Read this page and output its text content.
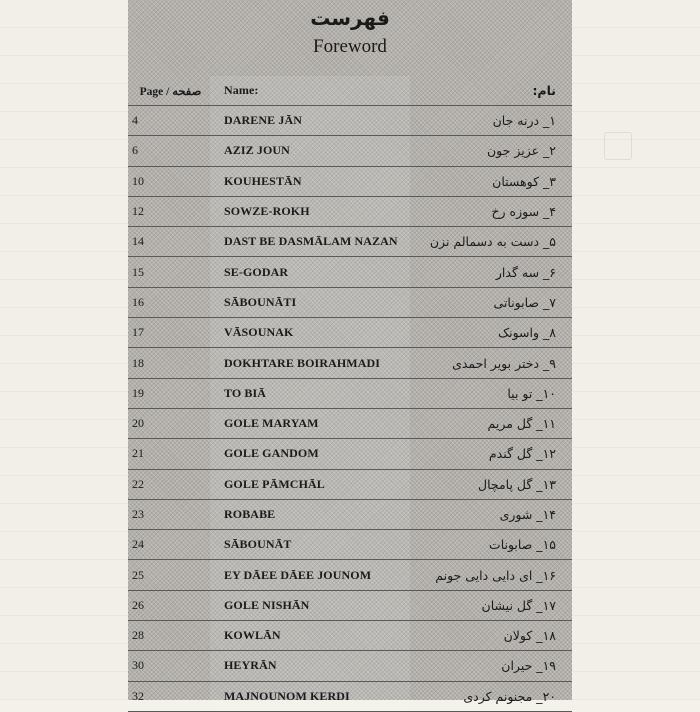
فهرست
Foreword
Page / صفحه	Name:	نام:
4	DARENE JĀN	۱_ درنه جان
6	AZIZ JOUN	۲_ عزیز جون
10	KOUHESTĀN	۳_ کوهستان
12	SOWZE-ROKH	۴_ سوزه رخ
14	DAST BE DASMĀLAM NAZAN	۵_ دست به دسمالم نزن
15	SE-GODAR	۶_ سه گدار
16	SĀBOUNĀTI	۷_ صابوناتی
17	VĀSOUNAK	۸_ واسونک
18	DOKHTARE BOIRAHMADI	۹_ دختر بویر احمدی
19	TO BIĀ	۱۰_ تو بیا
20	GOLE MARYAM	۱۱_ گل مریم
21	GOLE GANDOM	۱۲_ گل گندم
22	GOLE PĀMCHĀL	۱۳_ گل پامچال
23	ROBABE	۱۴_ شوری
24	SĀBOUNĀT	۱۵_ صابونات
25	EY DĀEE DĀEE JOUNOM	۱۶_ ای دایی دایی جونم
26	GOLE NISHĀN	۱۷_ گل نیشان
28	KOWLĀN	۱۸_ کولان
30	HEYRĀN	۱۹_ حیران
32	MAJNOUNOM KERDI	۲۰_ مجنونم کردی
